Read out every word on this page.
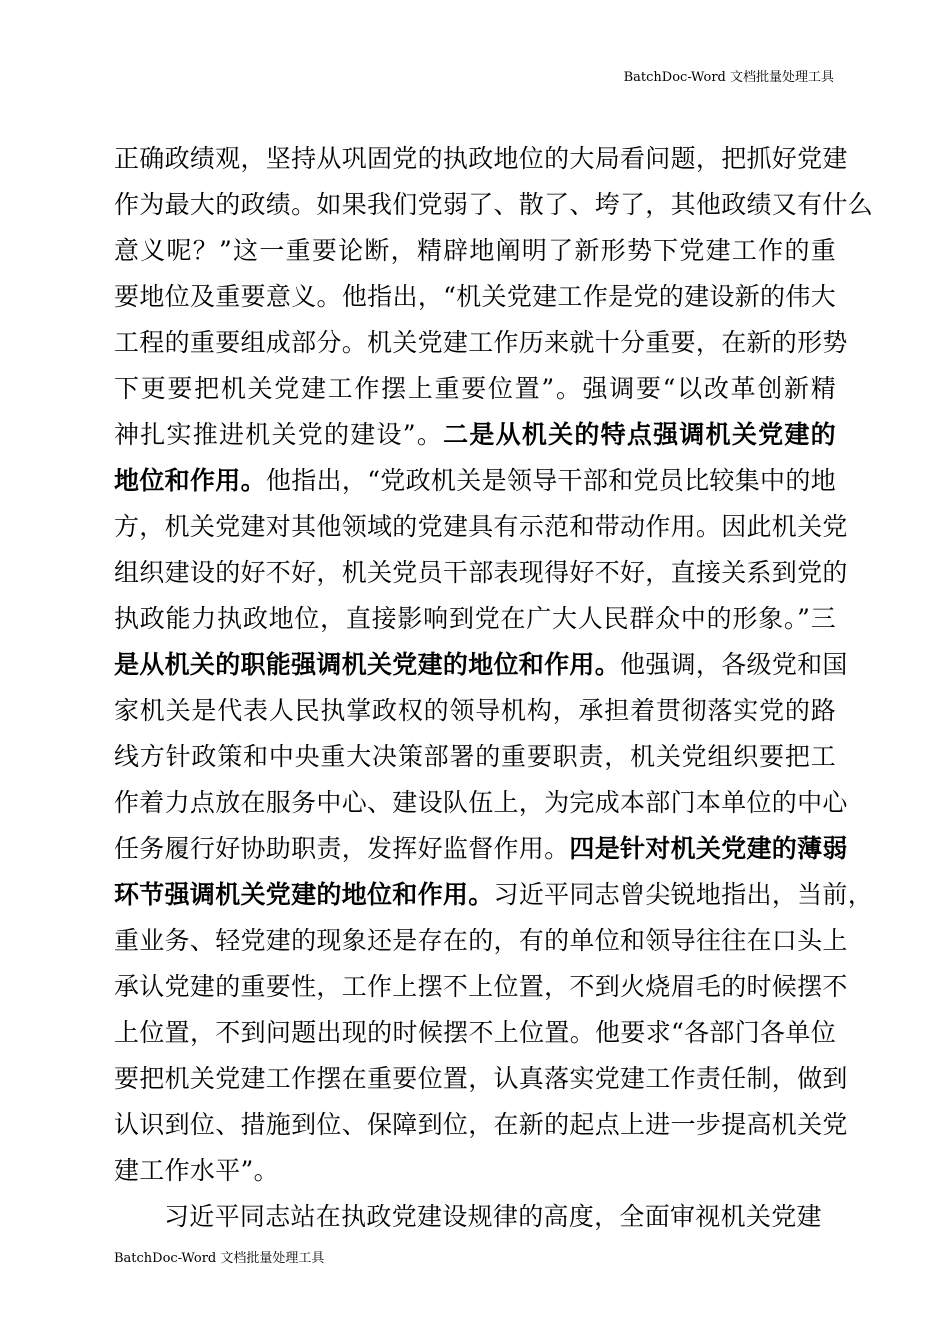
BatchDoc-Word 文档批量处理工具
正确政绩观，坚持从巩固党的执政地位的大局看问题，把抓好党建
作为最大的政绩。如果我们党弱了、散了、垮了，其他政绩又有什么
意义呢？”这一重要论断，精辟地阐明了新形势下党建工作的重
要地位及重要意义。他指出，“机关党建工作是党的建设新的伟大
工程的重要组成部分。机关党建工作历来就十分重要，在新的形势
下更要把机关党建工作摆上重要位置”。强调要“以改革创新精
神扎实推进机关党的建设”。二是从机关的特点强调机关党建的
地位和作用。他指出，“党政机关是领导干部和党员比较集中的地
方，机关党建对其他领域的党建具有示范和带动作用。因此机关党
组织建设的好不好，机关党员干部表现得好不好，直接关系到党的
执政能力执政地位，直接影响到党在广大人民群众中的形象。”三
是从机关的职能强调机关党建的地位和作用。他强调，各级党和国
家机关是代表人民执掌政权的领导机构，承担着贯彻落实党的路
线方针政策和中央重大决策部署的重要职责，机关党组织要把工
作着力点放在服务中心、建设队伍上，为完成本部门本单位的中心
任务履行好协助职责，发挥好监督作用。四是针对机关党建的薄弱
环节强调机关党建的地位和作用。习近平同志曾尖锐地指出，当前，
重业务、轻党建的现象还是存在的，有的单位和领导往往在口头上
承认党建的重要性，工作上摆不上位置，不到火烧眉毛的时候摆不
上位置，不到问题出现的时候摆不上位置。他要求“各部门各单位
要把机关党建工作摆在重要位置，认真落实党建工作责任制，做到
认识到位、措施到位、保障到位，在新的起点上进一步提高机关党
建工作水平”。
习近平同志站在执政党建设规律的高度，全面审视机关党建
BatchDoc-Word 文档批量处理工具
